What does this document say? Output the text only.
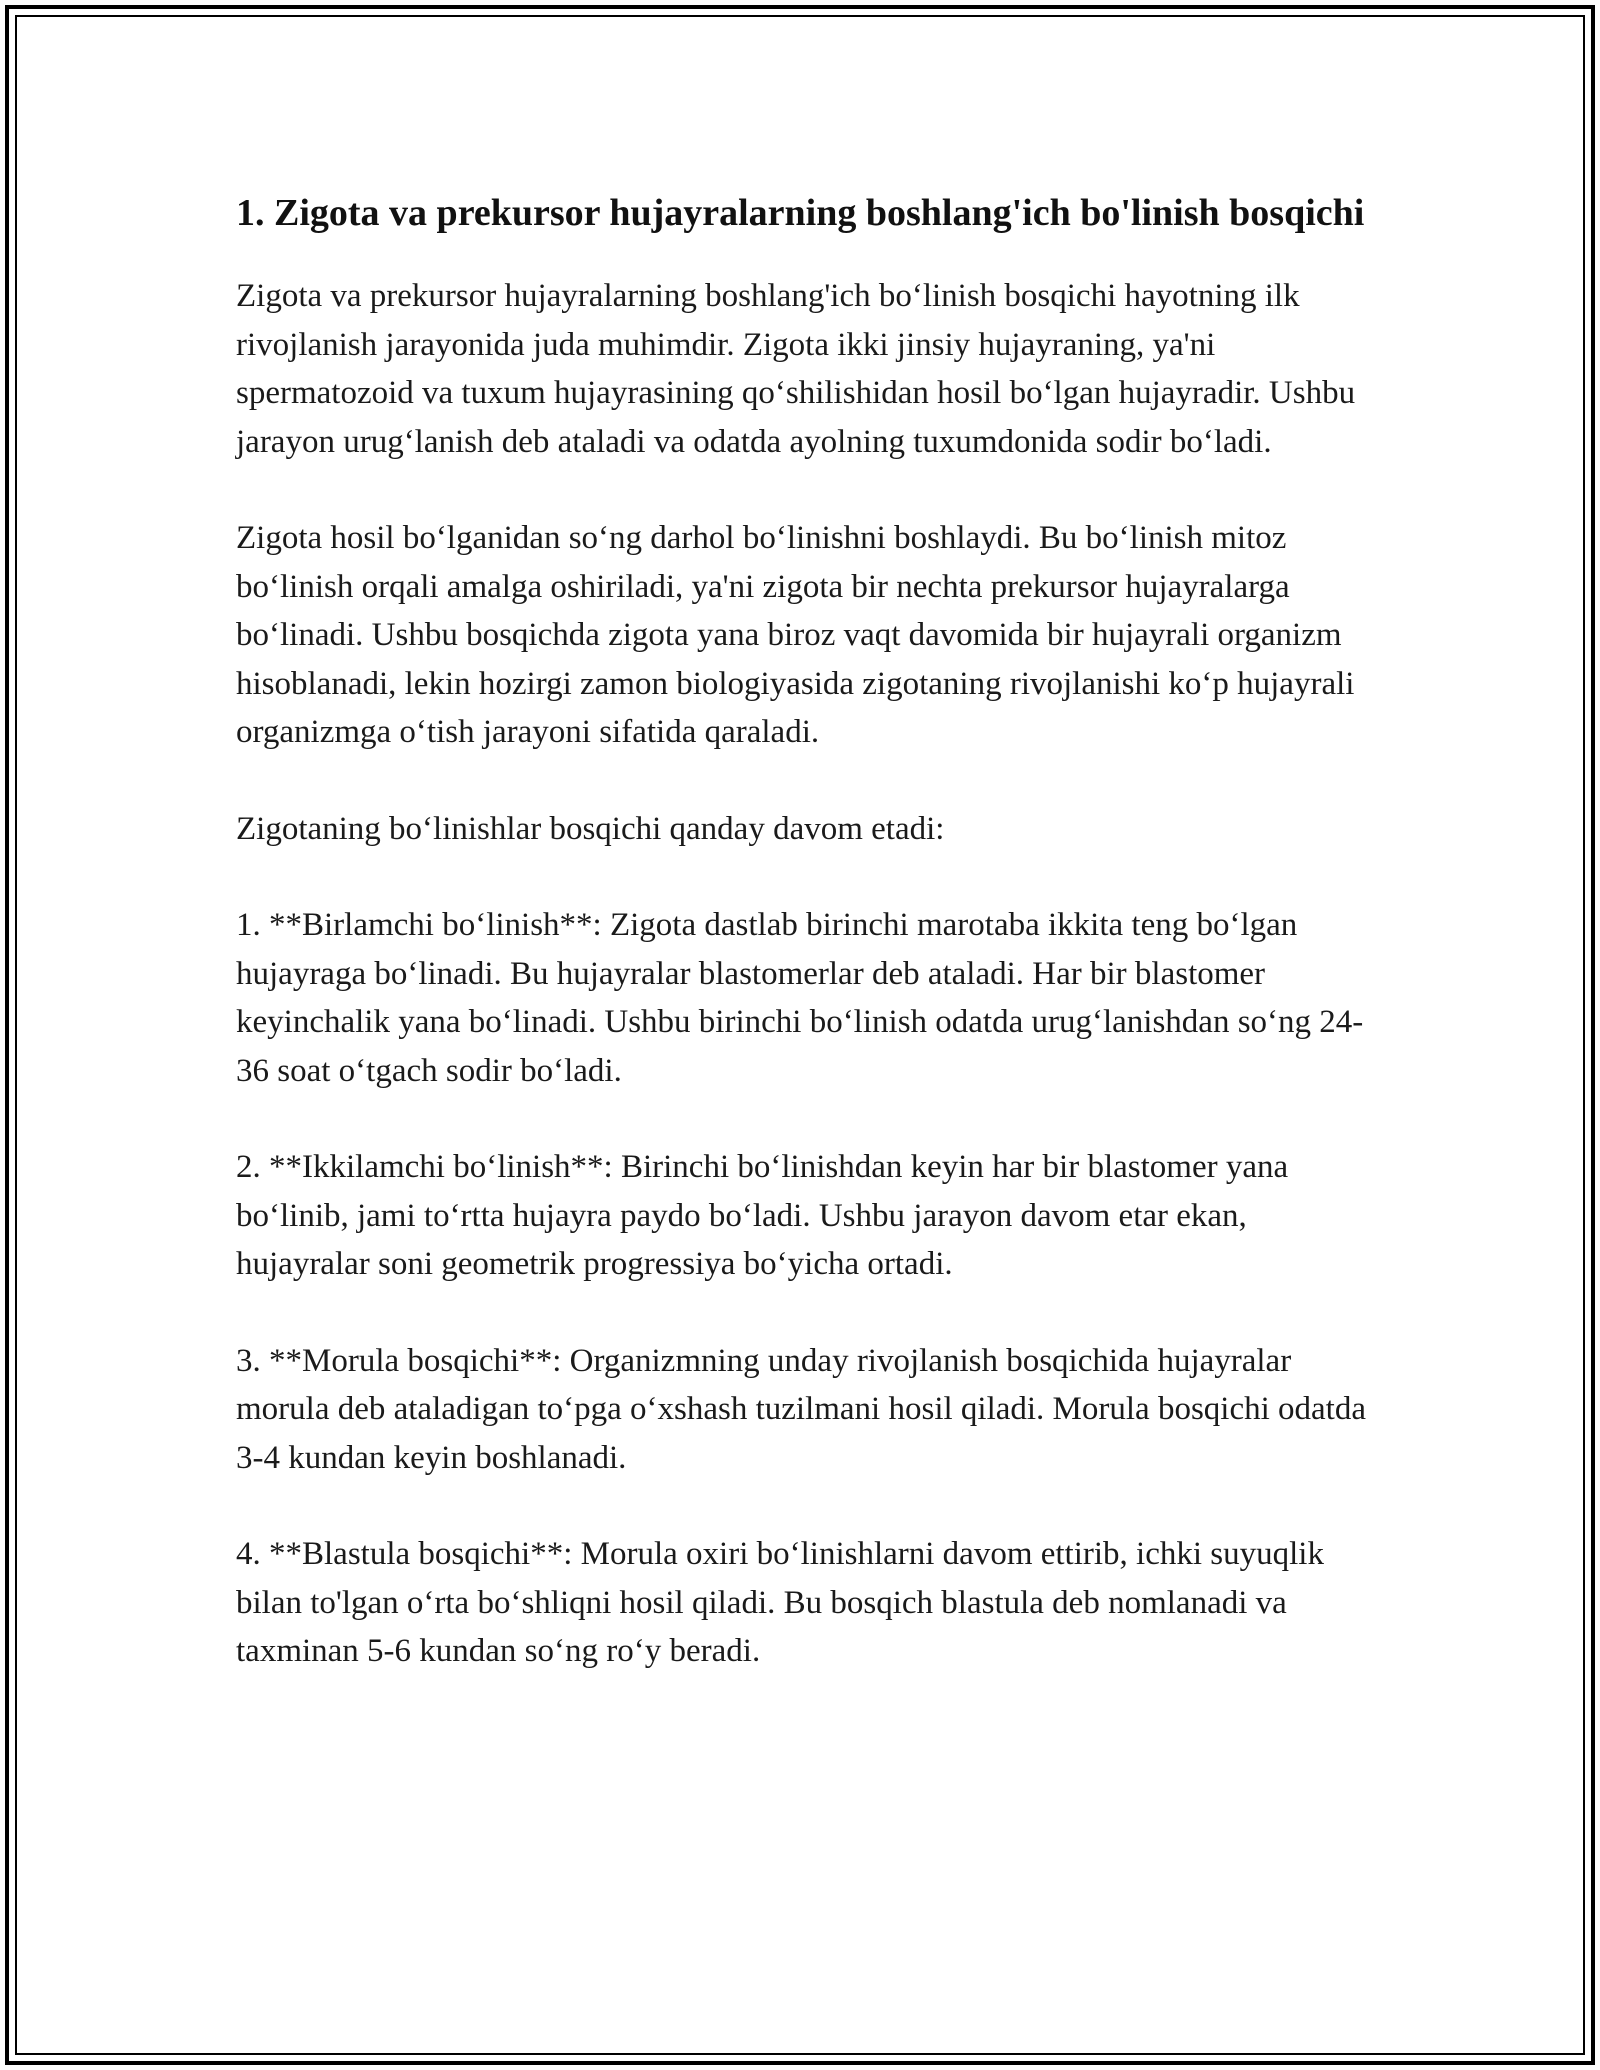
1. Zigota va prekursor hujayralarning boshlang'ich bo'linish bosqichi

Zigota va prekursor hujayralarning boshlang'ich bo‘linish bosqichi hayotning ilk rivojlanish jarayonida juda muhimdir. Zigota ikki jinsiy hujayraning, ya'ni spermatozoid va tuxum hujayrasining qo‘shilishidan hosil bo‘lgan hujayradir. Ushbu jarayon urug‘lanish deb ataladi va odatda ayolning tuxumdonida sodir bo‘ladi.

Zigota hosil bo‘lganidan so‘ng darhol bo‘linishni boshlaydi. Bu bo‘linish mitoz bo‘linish orqali amalga oshiriladi, ya'ni zigota bir nechta prekursor hujayralarga bo‘linadi. Ushbu bosqichda zigota yana biroz vaqt davomida bir hujayrali organizm hisoblanadi, lekin hozirgi zamon biologiyasida zigotaning rivojlanishi ko‘p hujayrali organizmga o‘tish jarayoni sifatida qaraladi.

Zigotaning bo‘linishlar bosqichi qanday davom etadi:

1. **Birlamchi bo‘linish**: Zigota dastlab birinchi marotaba ikkita teng bo‘lgan hujayraga bo‘linadi. Bu hujayralar blastomerlar deb ataladi. Har bir blastomer keyinchalik yana bo‘linadi. Ushbu birinchi bo‘linish odatda urug‘lanishdan so‘ng 24-36 soat o‘tgach sodir bo‘ladi.

2. **Ikkilamchi bo‘linish**: Birinchi bo‘linishdan keyin har bir blastomer yana bo‘linib, jami to‘rtta hujayra paydo bo‘ladi. Ushbu jarayon davom etar ekan, hujayralar soni geometrik progressiya bo‘yicha ortadi.

3. **Morula bosqichi**: Organizmning unday rivojlanish bosqichida hujayralar morula deb ataladigan to‘pga o‘xshash tuzilmani hosil qiladi. Morula bosqichi odatda 3-4 kundan keyin boshlanadi.

4. **Blastula bosqichi**: Morula oxiri bo‘linishlarni davom ettirib, ichki suyuqlik bilan to'lgan o‘rta bo‘shliqni hosil qiladi. Bu bosqich blastula deb nomlanadi va taxminan 5-6 kundan so‘ng ro‘y beradi.
